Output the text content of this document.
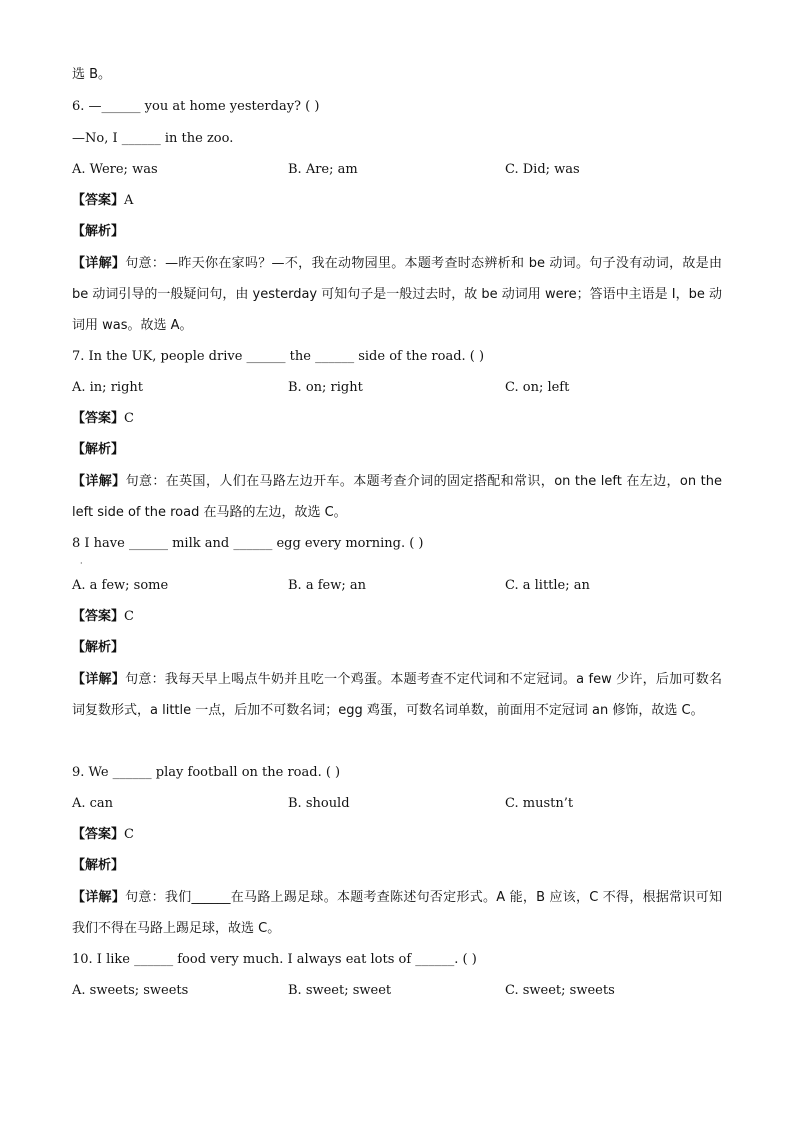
选 B。
6. —______ you at home yesterday? ( )
—No, I ______ in the zoo.
A. Were; was	B. Are; am	C. Did; was
【答案】A
【解析】
【详解】句意：—昨天你在家吗？—不，我在动物园里。本题考查时态辨析和 be 动词。句子没有动词，故是由 be 动词引导的一般疑问句，由 yesterday 可知句子是一般过去时，故 be 动词用 were；答语中主语是 I，be 动词用 was。故选 A。
7. In the UK, people drive ______ the ______ side of the road. ( )
A. in; right	B. on; right	C. on; left
【答案】C
【解析】
【详解】句意：在英国，人们在马路左边开车。本题考查介词的固定搭配和常识，on the left 在左边，on the left side of the road 在马路的左边，故选 C。
8 I have ______ milk and ______ egg every morning. ( )
·
A. a few; some	B. a few; an	C. a little; an
【答案】C
【解析】
【详解】句意：我每天早上喝点牛奶并且吃一个鸡蛋。本题考查不定代词和不定冠词。a few 少许，后加可数名词复数形式，a little 一点，后加不可数名词；egg 鸡蛋，可数名词单数，前面用不定冠词 an 修饰，故选 C。
9. We ______ play football on the road. ( )
A. can	B. should	C. mustn’t
【答案】C
【解析】
【详解】句意：我们______在马路上踢足球。本题考查陈述句否定形式。A 能，B 应该，C 不得，根据常识可知我们不得在马路上踢足球，故选 C。
10. I like ______ food very much. I always eat lots of ______. ( )
A. sweets; sweets	B. sweet; sweet	C. sweet; sweets
